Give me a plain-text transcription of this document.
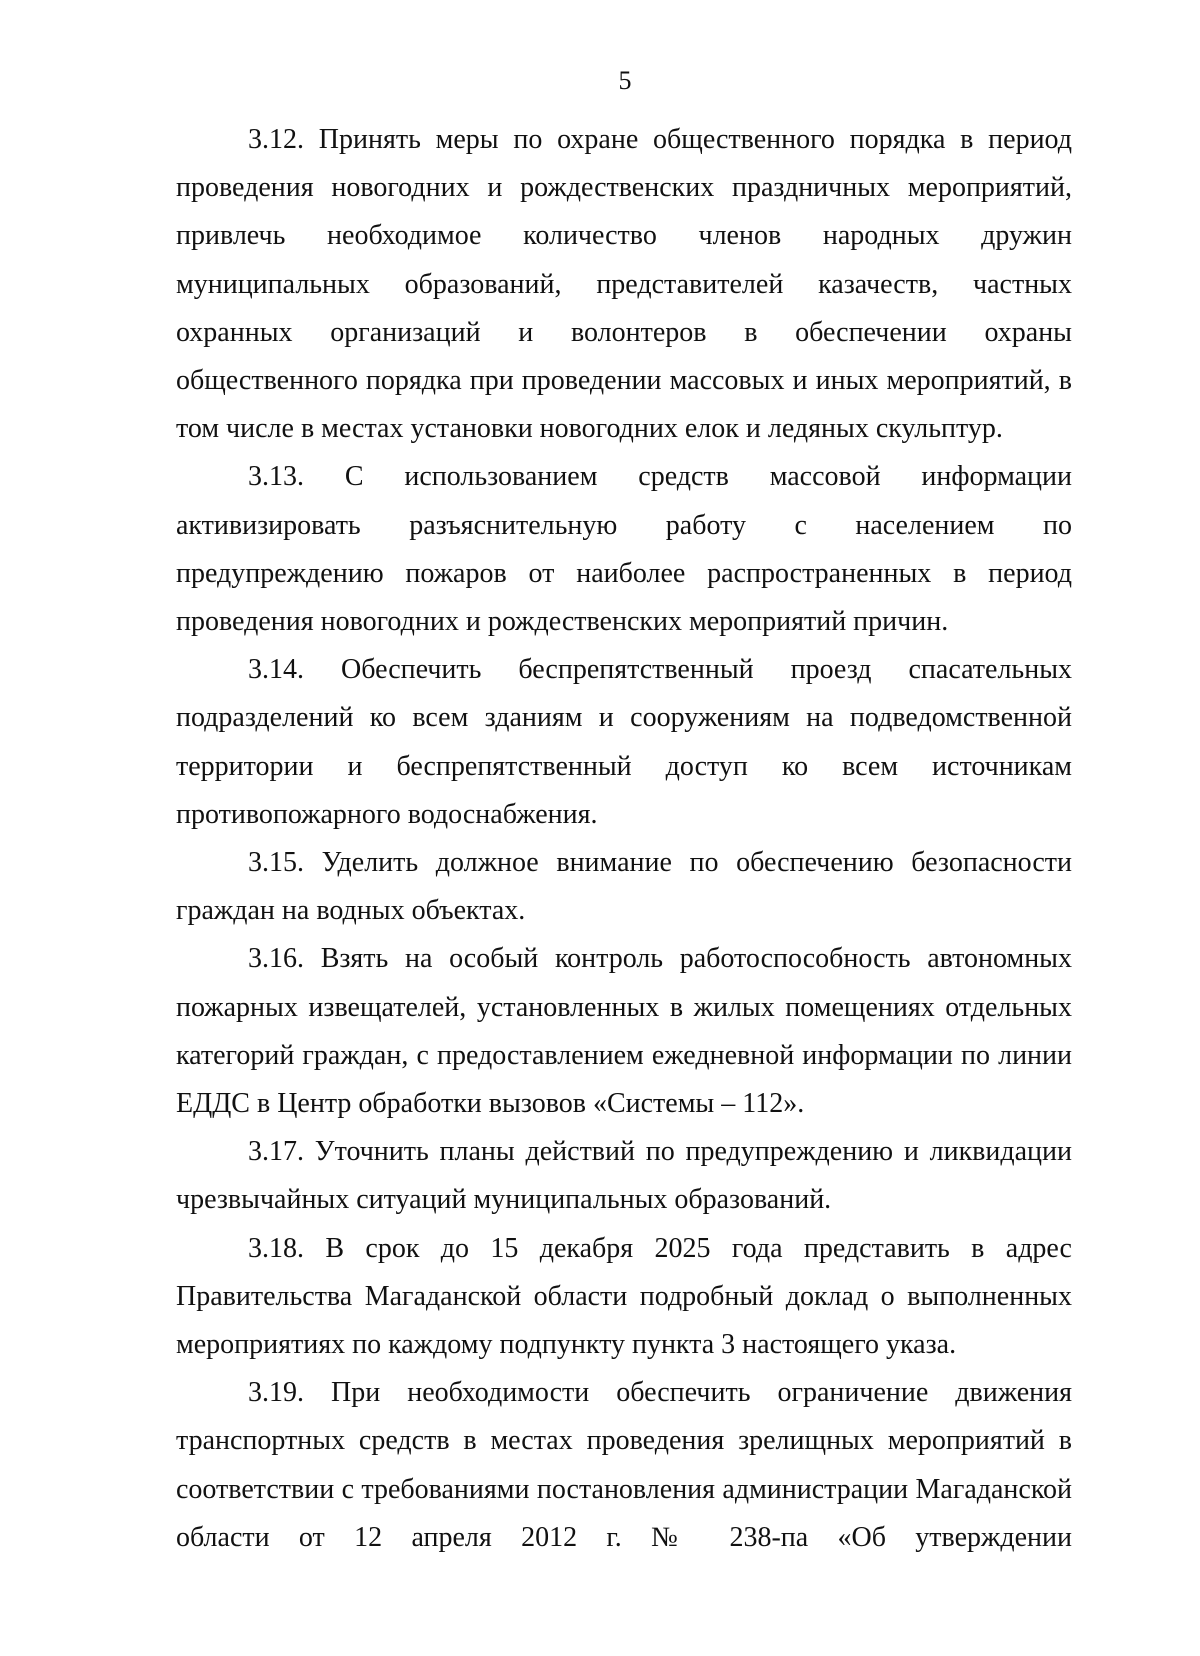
5

3.12. Принять меры по охране общественного порядка в период проведения новогодних и рождественских праздничных мероприятий, привлечь необходимое количество членов народных дружин муниципальных образований, представителей казачеств, частных охранных организаций и волонтеров в обеспечении охраны общественного порядка при проведении массовых и иных мероприятий, в том числе в местах установки новогодних елок и ледяных скульптур.

3.13. С использованием средств массовой информации активизировать разъяснительную работу с населением по предупреждению пожаров от наиболее распространенных в период проведения новогодних и рождественских мероприятий причин.

3.14. Обеспечить беспрепятственный проезд спасательных подразделений ко всем зданиям и сооружениям на подведомственной территории и беспрепятственный доступ ко всем источникам противопожарного водоснабжения.

3.15. Уделить должное внимание по обеспечению безопасности граждан на водных объектах.

3.16. Взять на особый контроль работоспособность автономных пожарных извещателей, установленных в жилых помещениях отдельных категорий граждан, с предоставлением ежедневной информации по линии ЕДДС в Центр обработки вызовов «Системы – 112».

3.17. Уточнить планы действий по предупреждению и ликвидации чрезвычайных ситуаций муниципальных образований.

3.18. В срок до 15 декабря 2025 года представить в адрес Правительства Магаданской области подробный доклад о выполненных мероприятиях по каждому подпункту пункта 3 настоящего указа.

3.19. При необходимости обеспечить ограничение движения транспортных средств в местах проведения зрелищных мероприятий в соответствии с требованиями постановления администрации Магаданской области от 12 апреля 2012 г. № 238-па «Об утверждении
